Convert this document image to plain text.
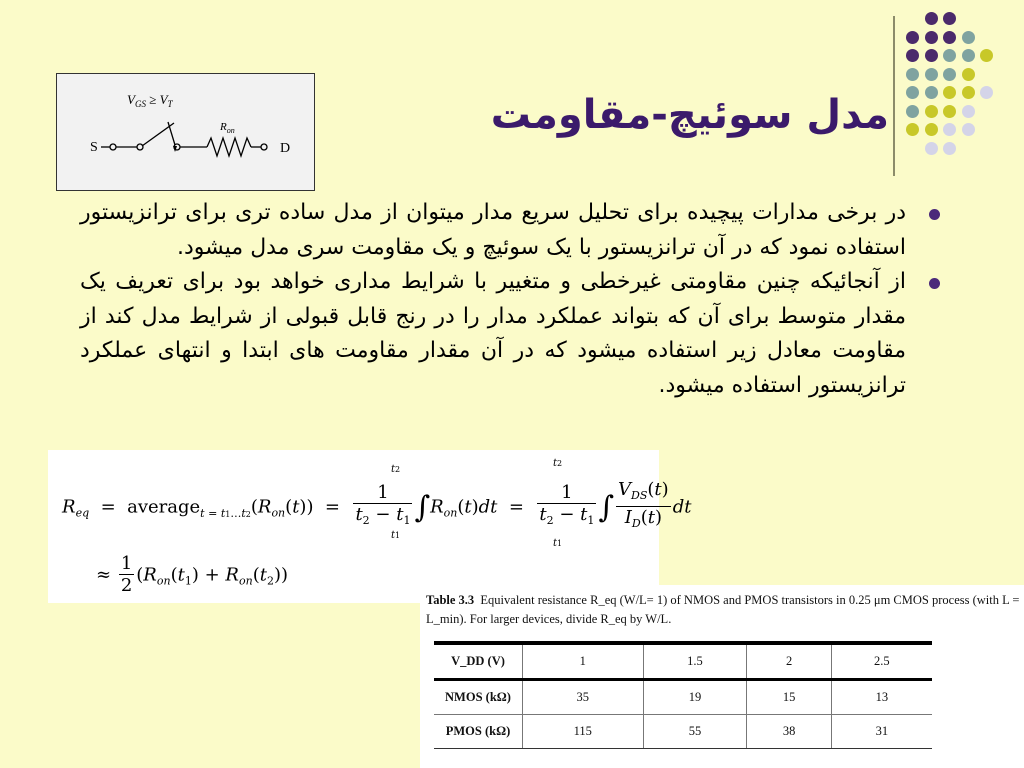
مدل سوئیچ-مقاومت
$V_{GS} \ge V_T$
$R_{on}$
S	D
در برخی مدارات پیچیده برای تحلیل سریع مدار میتوان از مدل ساده تری برای ترانزیستور استفاده نمود که در آن ترانزیستور با یک سوئیچ و یک مقاومت سری مدل میشود.
از آنجائیکه چنین مقاومتی غیرخطی و متغییر با شرایط مداری خواهد بود برای تعریف یک مقدار متوسط برای آن که بتواند عملکرد مدار را در رنج قابل قبولی از شرایط مدل کند از مقاومت معادل زیر استفاده میشود که در آن مقدار مقاومت های ابتدا و انتهای عملکرد ترانزیستور استفاده میشود.
$R_{eq}$  =  $average_{t = t1\dots t2}(R_{on}(t)) = \frac{1}{t_2 - t_1} \int R_{on}(t)dt = \frac{1}{t_2 - t_1}$ ∫ $\frac{V_{DS}(t)}{I_D(t)}$ dt
t2
t1
t2
t1
≈ $\frac{1}{2} (R_{on}(t_1) + R_{on}(t_2))$
Table 3.3 Equivalent resistance R_eq (W/L= 1) of NMOS and PMOS transistors in 0.25 μm CMOS process (with L = L_min). For larger devices, divide R_eq by W/L.
V_DD (V)	1	1.5	2	2.5
NMOS (kΩ)	35	19	15	13
PMOS (kΩ)	115	55	38	31
